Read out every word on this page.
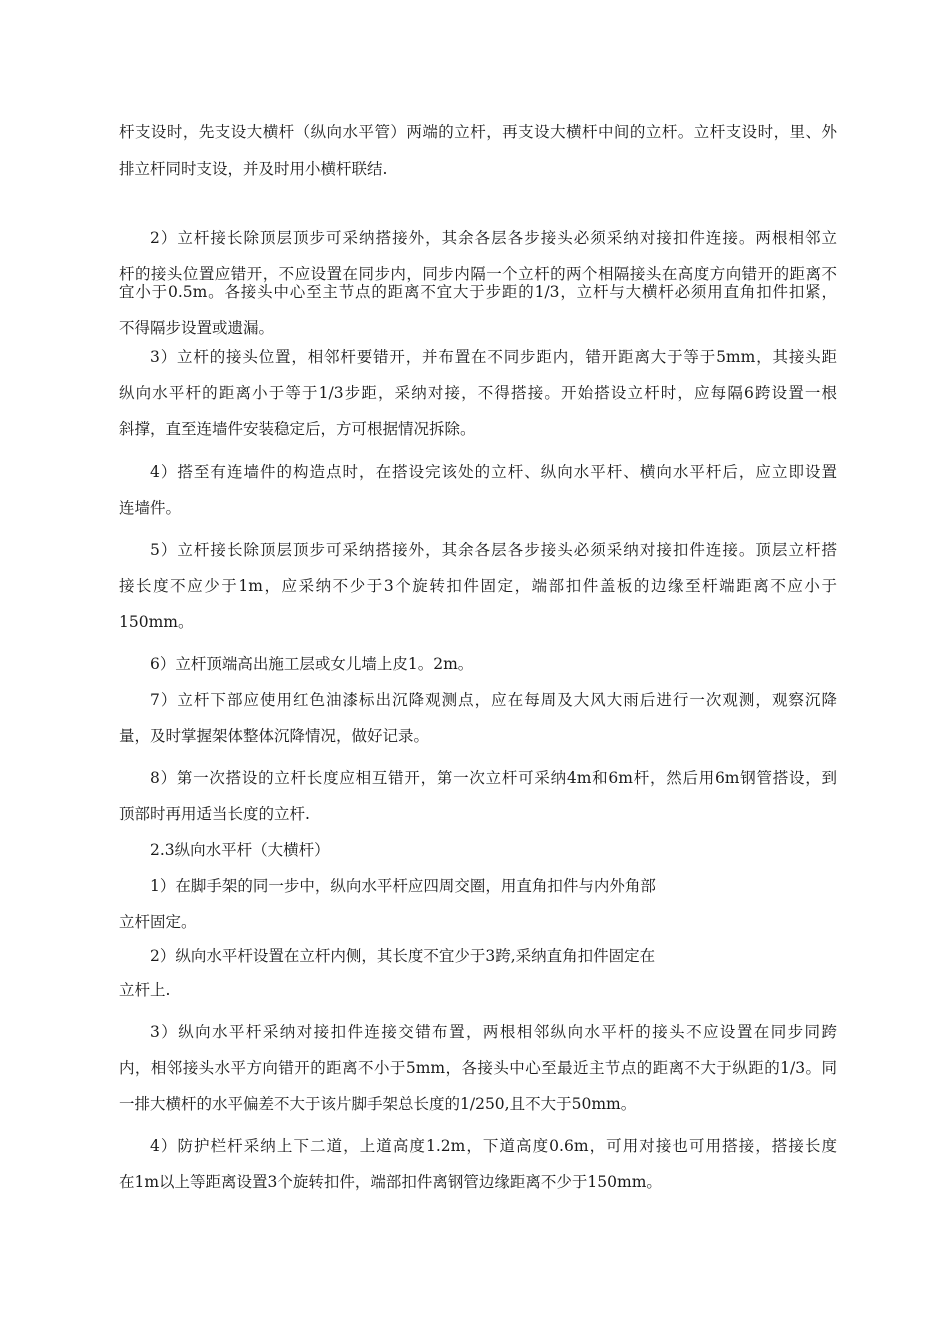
杆支设时，先支设大横杆（纵向水平管）两端的立杆，再支设大横杆中间的立杆。立杆支设时，里、外
排立杆同时支设，并及时用小横杆联结.
2）立杆接长除顶层顶步可采纳搭接外，其余各层各步接头必须采纳对接扣件连接。两根相邻立
杆的接头位置应错开，不应设置在同步内，同步内隔一个立杆的两个相隔接头在高度方向错开的距离不
宜小于0.5m。各接头中心至主节点的距离不宜大于步距的1/3，立杆与大横杆必须用直角扣件扣紧，
不得隔步设置或遗漏。
3）立杆的接头位置，相邻杆要错开，并布置在不同步距内，错开距离大于等于5mm，其接头距
纵向水平杆的距离小于等于1/3步距，采纳对接，不得搭接。开始搭设立杆时，应每隔6跨设置一根
斜撑，直至连墙件安装稳定后，方可根据情况拆除。
4）搭至有连墙件的构造点时，在搭设完该处的立杆、纵向水平杆、横向水平杆后，应立即设置
连墙件。
5）立杆接长除顶层顶步可采纳搭接外，其余各层各步接头必须采纳对接扣件连接。顶层立杆搭
接长度不应少于1m，应采纳不少于3个旋转扣件固定，端部扣件盖板的边缘至杆端距离不应小于
150mm。
6）立杆顶端高出施工层或女儿墙上皮1。2m。
7）立杆下部应使用红色油漆标出沉降观测点，应在每周及大风大雨后进行一次观测，观察沉降
量，及时掌握架体整体沉降情况，做好记录。
8）第一次搭设的立杆长度应相互错开，第一次立杆可采纳4m和6m杆，然后用6m钢管搭设，到
顶部时再用适当长度的立杆.
2.3纵向水平杆（大横杆）
1）在脚手架的同一步中，纵向水平杆应四周交圈，用直角扣件与内外角部
立杆固定。
2）纵向水平杆设置在立杆内侧，其长度不宜少于3跨,采纳直角扣件固定在
立杆上.
3）纵向水平杆采纳对接扣件连接交错布置，两根相邻纵向水平杆的接头不应设置在同步同跨
内，相邻接头水平方向错开的距离不小于5mm，各接头中心至最近主节点的距离不大于纵距的1/3。同
一排大横杆的水平偏差不大于该片脚手架总长度的1/250,且不大于50mm。
4）防护栏杆采纳上下二道，上道高度1.2m，下道高度0.6m，可用对接也可用搭接，搭接长度
在1m以上等距离设置3个旋转扣件，端部扣件离钢管边缘距离不少于150mm。
